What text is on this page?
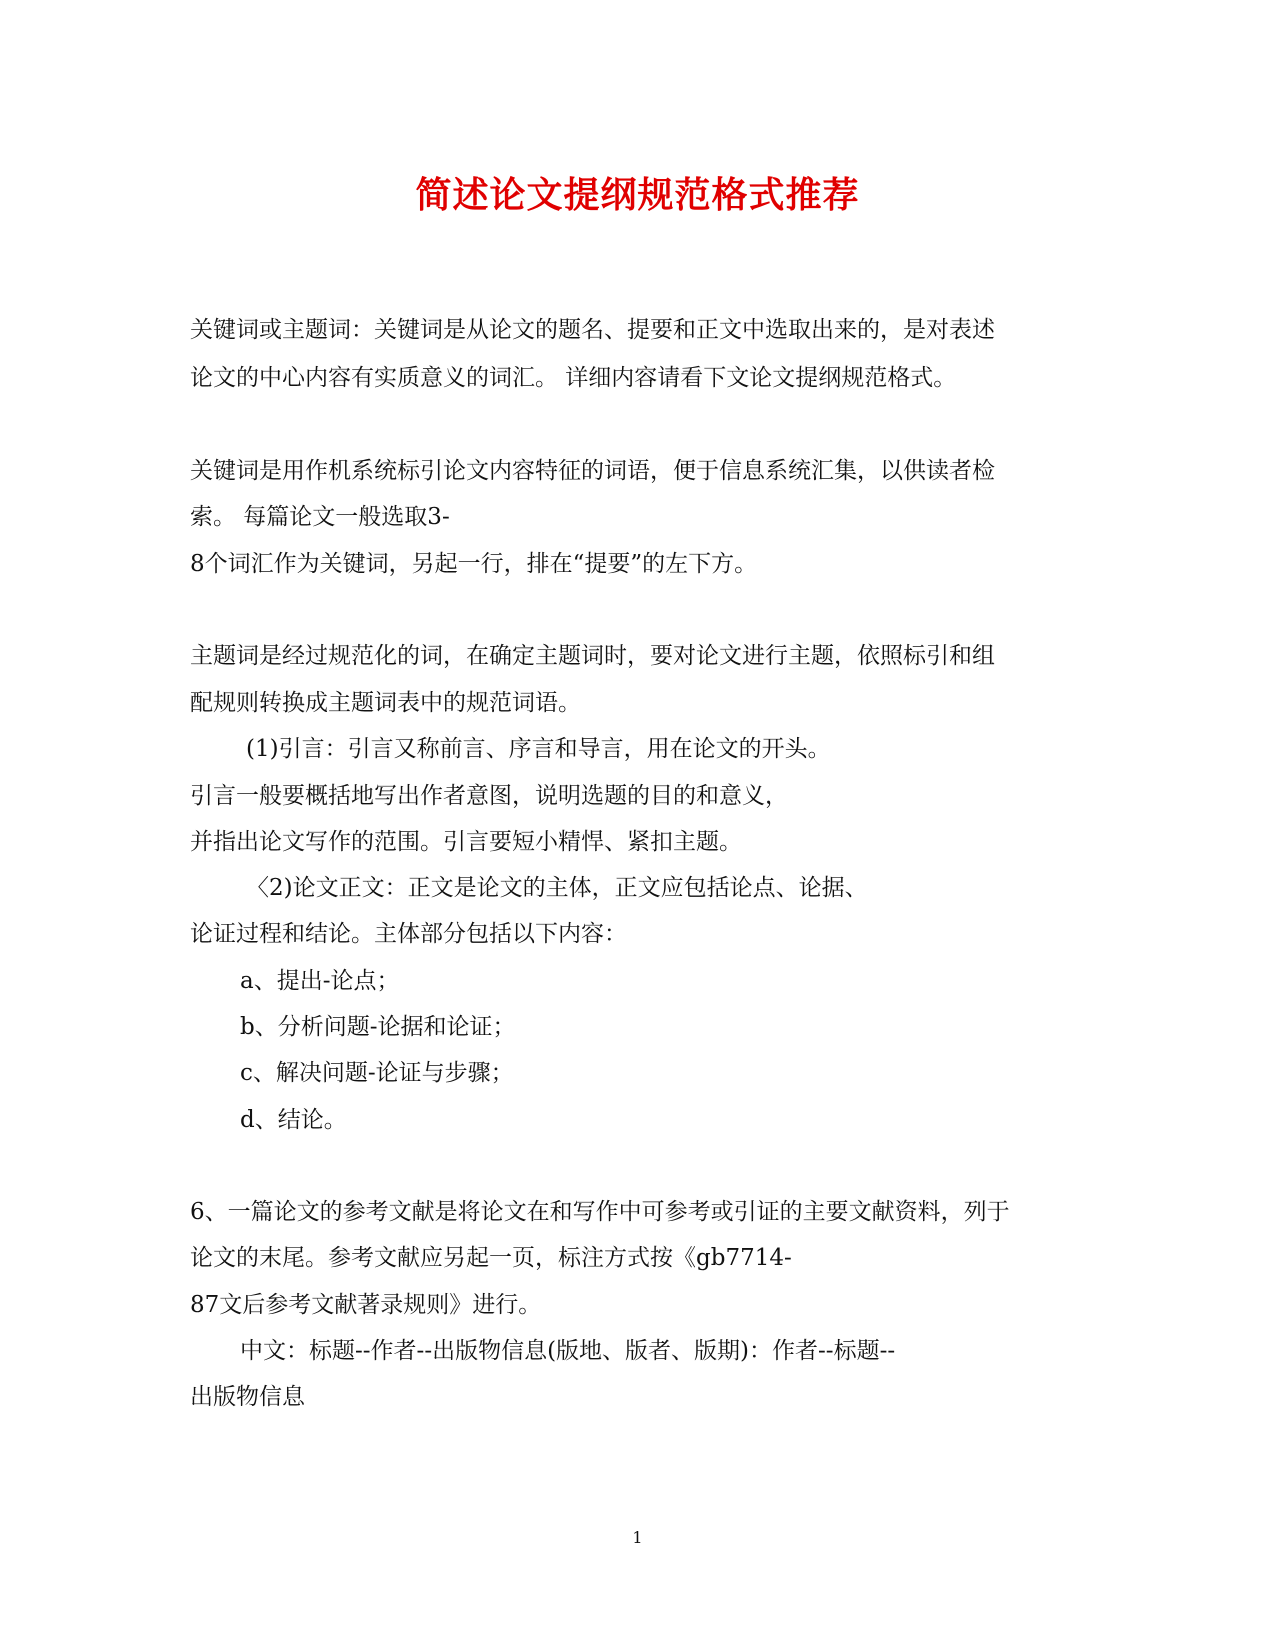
简述论文提纲规范格式推荐

关键词或主题词：关键词是从论文的题名、提要和正文中选取出来的，是对表述

论文的中心内容有实质意义的词汇。 详细内容请看下文论文提纲规范格式。

关键词是用作机系统标引论文内容特征的词语，便于信息系统汇集，以供读者检

索。 每篇论文一般选取3-

8个词汇作为关键词，另起一行，排在“提要”的左下方。

主题词是经过规范化的词，在确定主题词时，要对论文进行主题，依照标引和组

配规则转换成主题词表中的规范词语。

(1)引言：引言又称前言、序言和导言，用在论文的开头。

引言一般要概括地写出作者意图，说明选题的目的和意义，

并指出论文写作的范围。引言要短小精悍、紧扣主题。

〈2)论文正文：正文是论文的主体，正文应包括论点、论据、

论证过程和结论。主体部分包括以下内容：

a、提出-论点；

b、分析问题-论据和论证；

c、解决问题-论证与步骤；

d、结论。

6、一篇论文的参考文献是将论文在和写作中可参考或引证的主要文献资料，列于

论文的末尾。参考文献应另起一页，标注方式按《gb7714-

87文后参考文献著录规则》进行。

中文：标题--作者--出版物信息(版地、版者、版期)：作者--标题--

出版物信息

1
